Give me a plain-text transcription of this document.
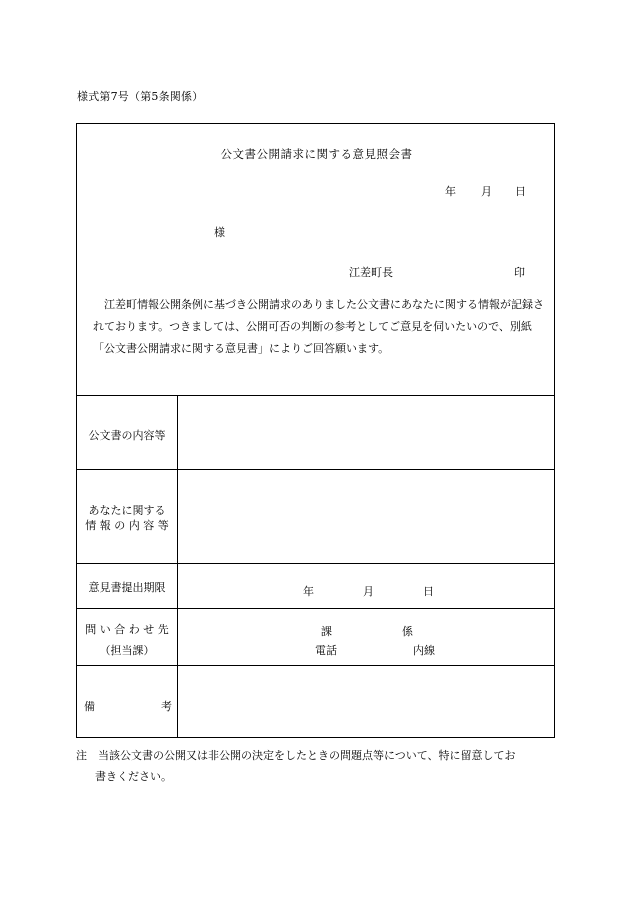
様式第7号（第5条関係）
公文書公開請求に関する意見照会書
年 月 日
様
江差町長	印
江差町情報公開条例に基づき公開請求のありました公文書にあなたに関する情報が記録されております。つきましては、公開可否の判断の参考としてご意見を伺いたいので、別紙「公文書公開請求に関する意見書」によりご回答願います。
公文書の内容等
あなたに関する
情 報 の 内 容 等
意見書提出期限	年	月	日
問 い 合 わ せ 先
（担当課）
課	係
電話	内線
備	考
注　当該公文書の公開又は非公開の決定をしたときの問題点等について、特に留意してお
書きください。
